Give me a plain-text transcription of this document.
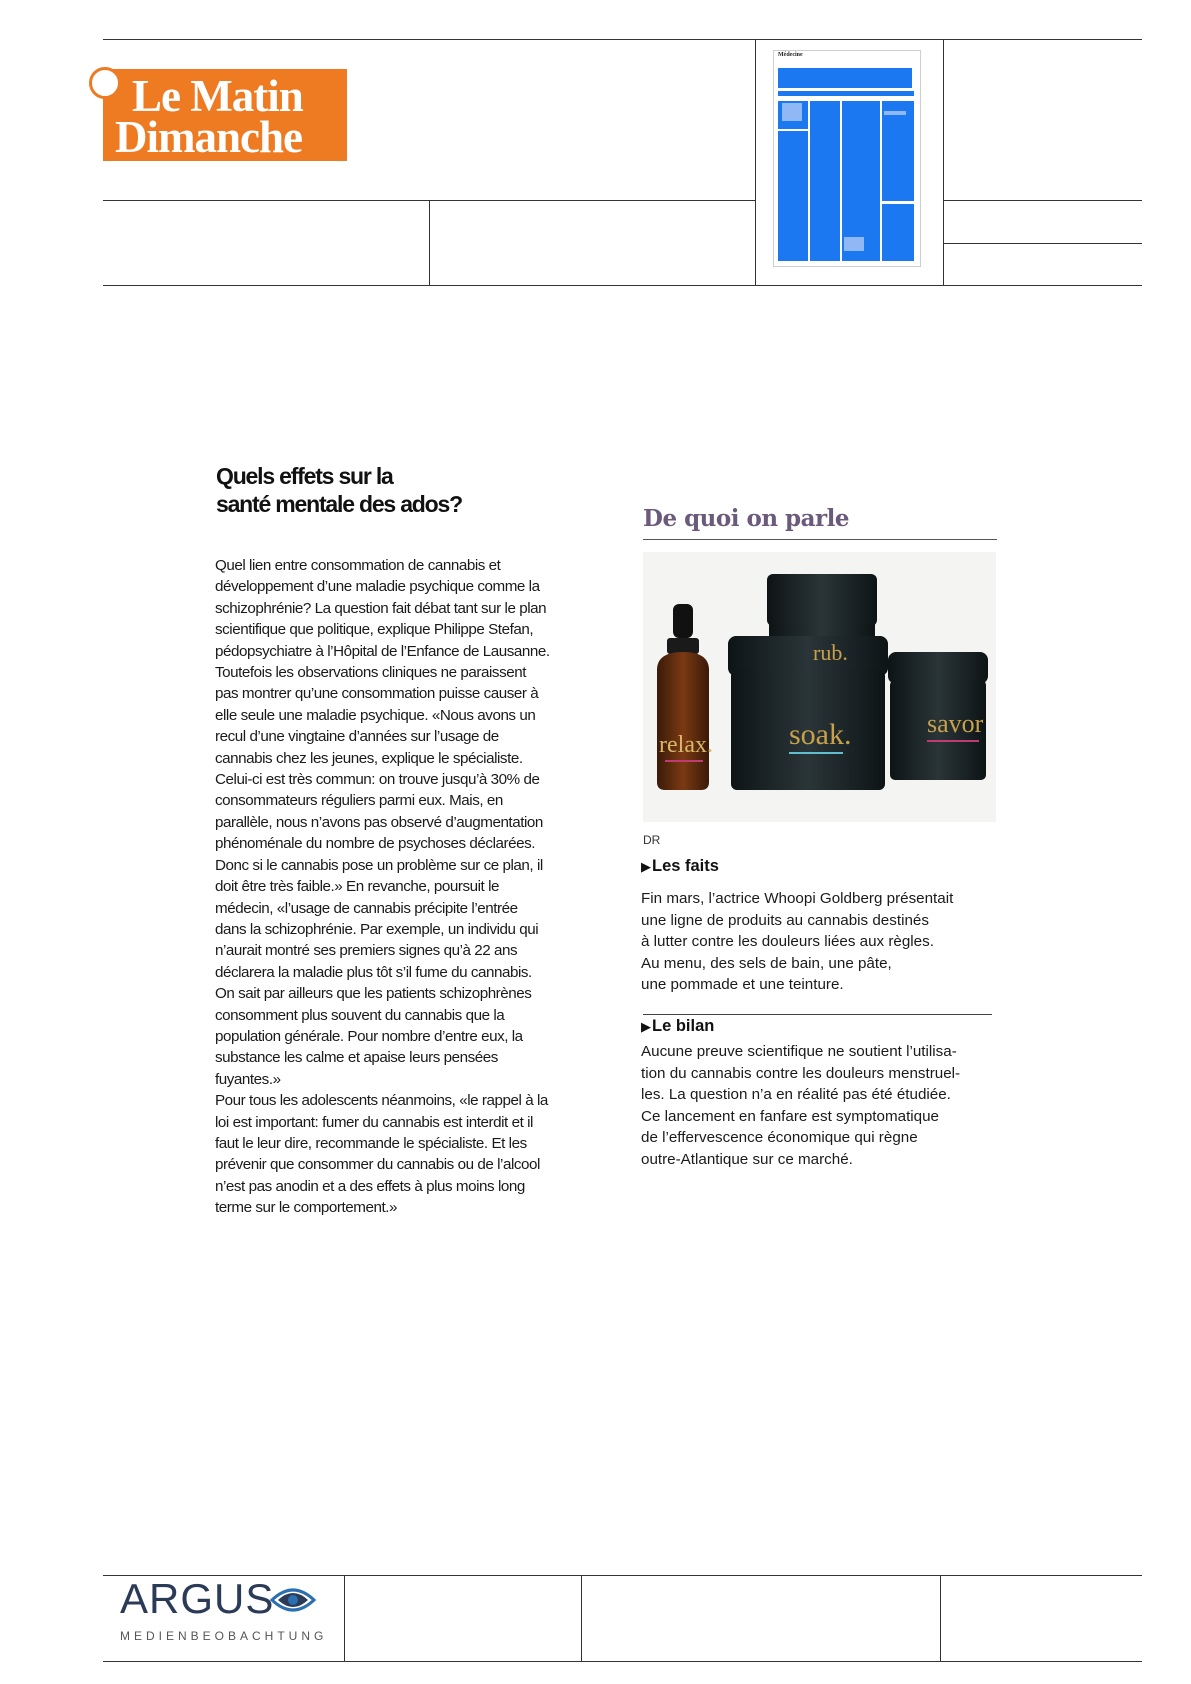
Le Matin
Dimanche
Médecine
Quels effets sur la
santé mentale des ados?

Quel lien entre consommation de cannabis et développement d’une maladie psychique comme la schizophrénie? La question fait débat tant sur le plan scientifique que politique, explique Philippe Stefan, pédopsychiatre à l’Hôpital de l’Enfance de Lausanne. Toutefois les observations cliniques ne paraissent pas montrer qu’une consommation puisse causer à elle seule une maladie psychique. «Nous avons un recul d’une vingtaine d’années sur l’usage de cannabis chez les jeunes, explique le spécialiste. Celui-ci est très commun: on trouve jusqu’à 30% de consommateurs réguliers parmi eux. Mais, en parallèle, nous n’avons pas observé d’augmentation phénoménale du nombre de psychoses déclarées. Donc si le cannabis pose un problème sur ce plan, il doit être très faible.» En revanche, poursuit le médecin, «l’usage de cannabis précipite l’entrée dans la schizophrénie. Par exemple, un individu qui n’aurait montré ses premiers signes qu’à 22 ans déclarera la maladie plus tôt s’il fume du cannabis. On sait par ailleurs que les patients schizophrènes consomment plus souvent du cannabis que la population générale. Pour nombre d’entre eux, la substance les calme et apaise leurs pensées fuyantes.»

Pour tous les adolescents néanmoins, «le rappel à la loi est important: fumer du cannabis est interdit et il faut le leur dire, recommande le spécialiste. Et les prévenir que consommer du cannabis ou de l’alcool n’est pas anodin et a des effets à plus moins long terme sur le comportement.»

De quoi on parle
rub.
relax.	soak.	savor
DR
▶Les faits

Fin mars, l’actrice Whoopi Goldberg présentait

une ligne de produits au cannabis destinés

à lutter contre les douleurs liées aux règles.

Au menu, des sels de bain, une pâte,

une pommade et une teinture.

▶Le bilan

Aucune preuve scientifique ne soutient l’utilisa-

tion du cannabis contre les douleurs menstruel-

les. La question n’a en réalité pas été étudiée.

Ce lancement en fanfare est symptomatique

de l’effervescence économique qui règne

outre-Atlantique sur ce marché.

ARGUS
MEDIENBEOBACHTUNG
